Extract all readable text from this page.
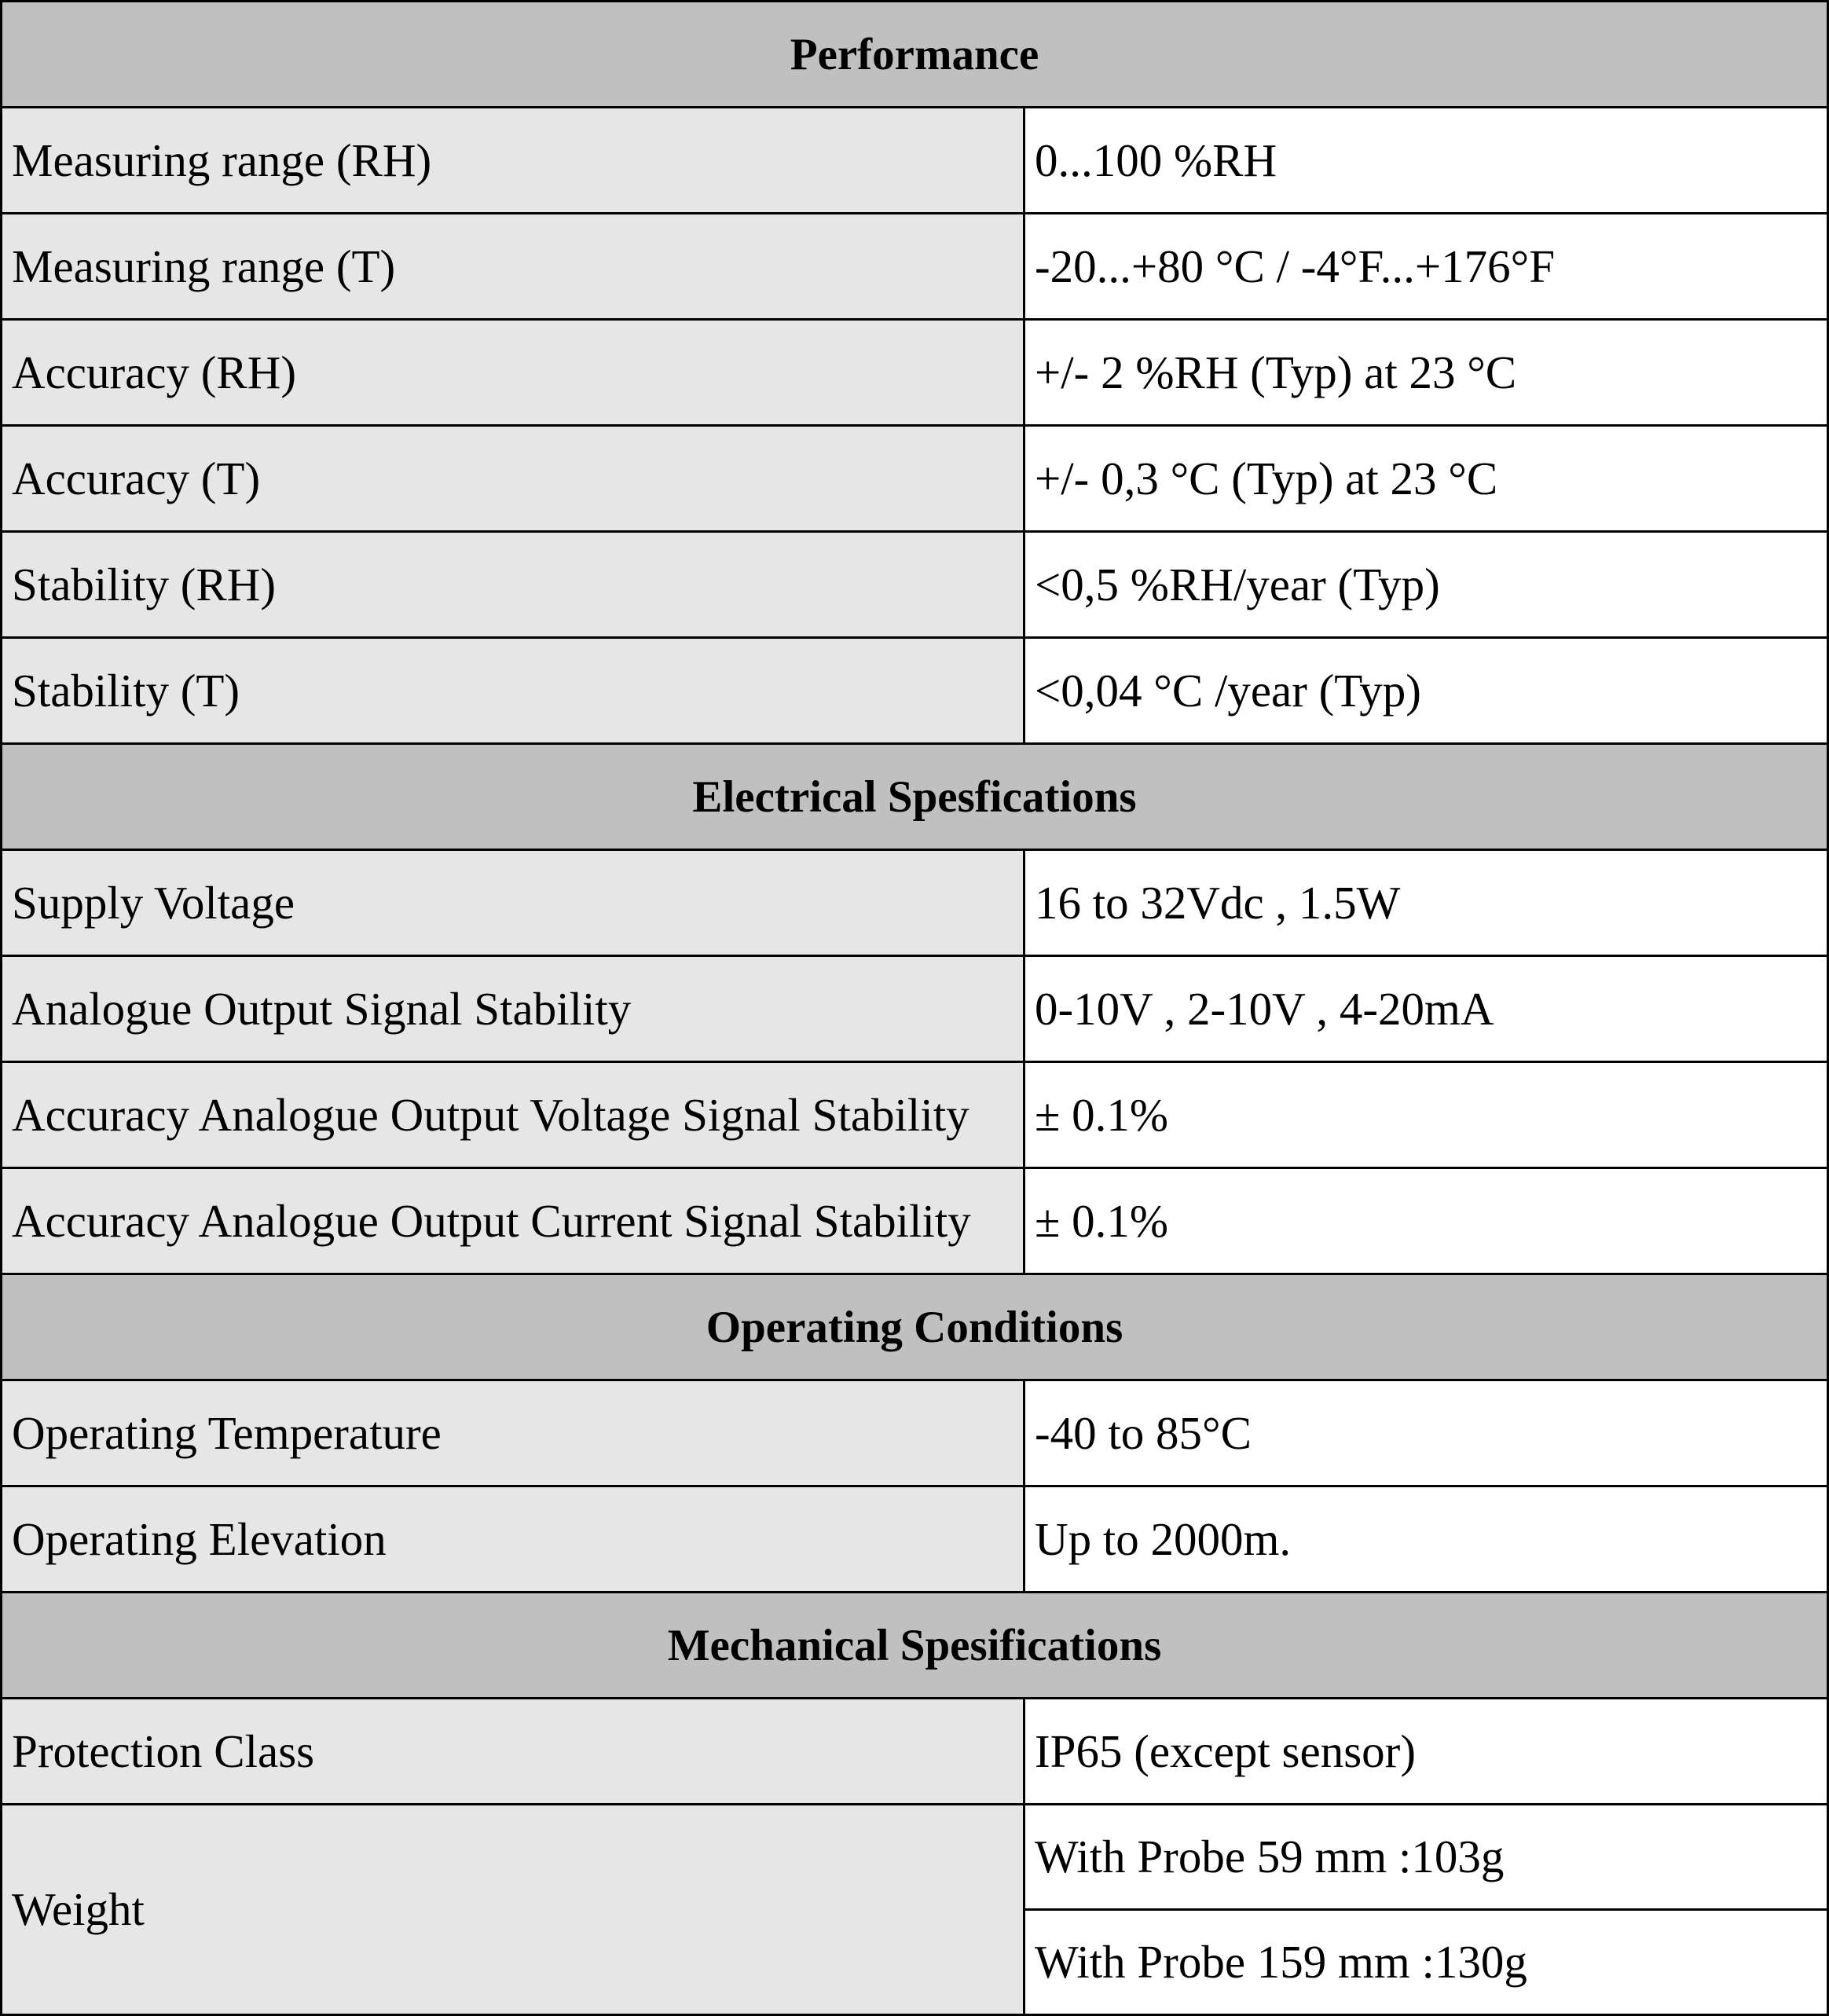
Performance	
Measuring range (RH)	0...100 %RH
Measuring range (T)	-20...+80 °C / -4°F...+176°F
Accuracy (RH)	+/- 2 %RH (Typ) at 23 °C
Accuracy (T)	+/- 0,3 °C (Typ) at 23 °C
Stability (RH)	<0,5 %RH/year (Typ)
Stability (T)	<0,04 °C /year (Typ)
Electrical Spesfications	
Supply Voltage	16 to 32Vdc , 1.5W
Analogue Output Signal Stability	0-10V , 2-10V , 4-20mA
Accuracy Analogue Output Voltage Signal Stability	± 0.1%
Accuracy Analogue Output Current Signal Stability	± 0.1%
Operating Conditions	
Operating Temperature	-40 to 85°C
Operating Elevation	Up to 2000m.
Mechanical Spesifications	
Protection Class	IP65 (except sensor)
Weight	With Probe 59 mm :103g
	With Probe 159 mm :130g
